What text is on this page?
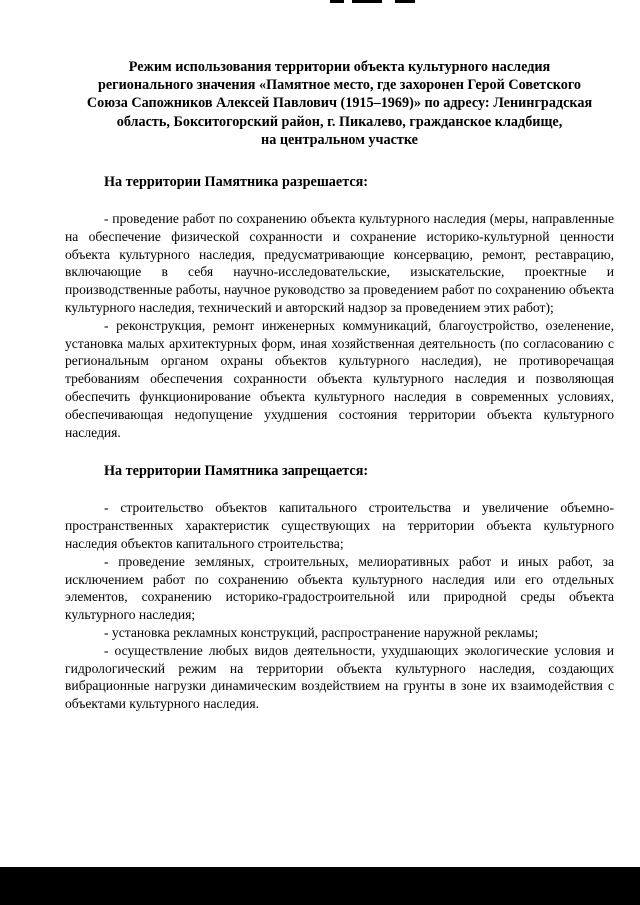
Режим использования территории объекта культурного наследия
регионального значения «Памятное место, где захоронен Герой Советского
Союза Сапожников Алексей Павлович (1915–1969)» по адресу: Ленинградская
область, Бокситогорский район, г. Пикалево, гражданское кладбище,
на центральном участке
На территории Памятника разрешается:

- проведение работ по сохранению объекта культурного наследия (меры, направленные на обеспечение физической сохранности и сохранение историко-культурной ценности объекта культурного наследия, предусматривающие консервацию, ремонт, реставрацию, включающие в себя научно-исследовательские, изыскательские, проектные и производственные работы, научное руководство за проведением работ по сохранению объекта культурного наследия, технический и авторский надзор за проведением этих работ);

- реконструкция, ремонт инженерных коммуникаций, благоустройство, озеленение, установка малых архитектурных форм, иная хозяйственная деятельность (по согласованию с региональным органом охраны объектов культурного наследия), не противоречащая требованиям обеспечения сохранности объекта культурного наследия и позволяющая обеспечить функционирование объекта культурного наследия в современных условиях, обеспечивающая недопущение ухудшения состояния территории объекта культурного наследия.

На территории Памятника запрещается:

- строительство объектов капитального строительства и увеличение объемно-пространственных характеристик существующих на территории объекта культурного наследия объектов капитального строительства;

- проведение земляных, строительных, мелиоративных работ и иных работ, за исключением работ по сохранению объекта культурного наследия или его отдельных элементов, сохранению историко-градостроительной или природной среды объекта культурного наследия;

- установка рекламных конструкций, распространение наружной рекламы;

- осуществление любых видов деятельности, ухудшающих экологические условия и гидрологический режим на территории объекта культурного наследия, создающих вибрационные нагрузки динамическим воздействием на грунты в зоне их взаимодействия с объектами культурного наследия.
